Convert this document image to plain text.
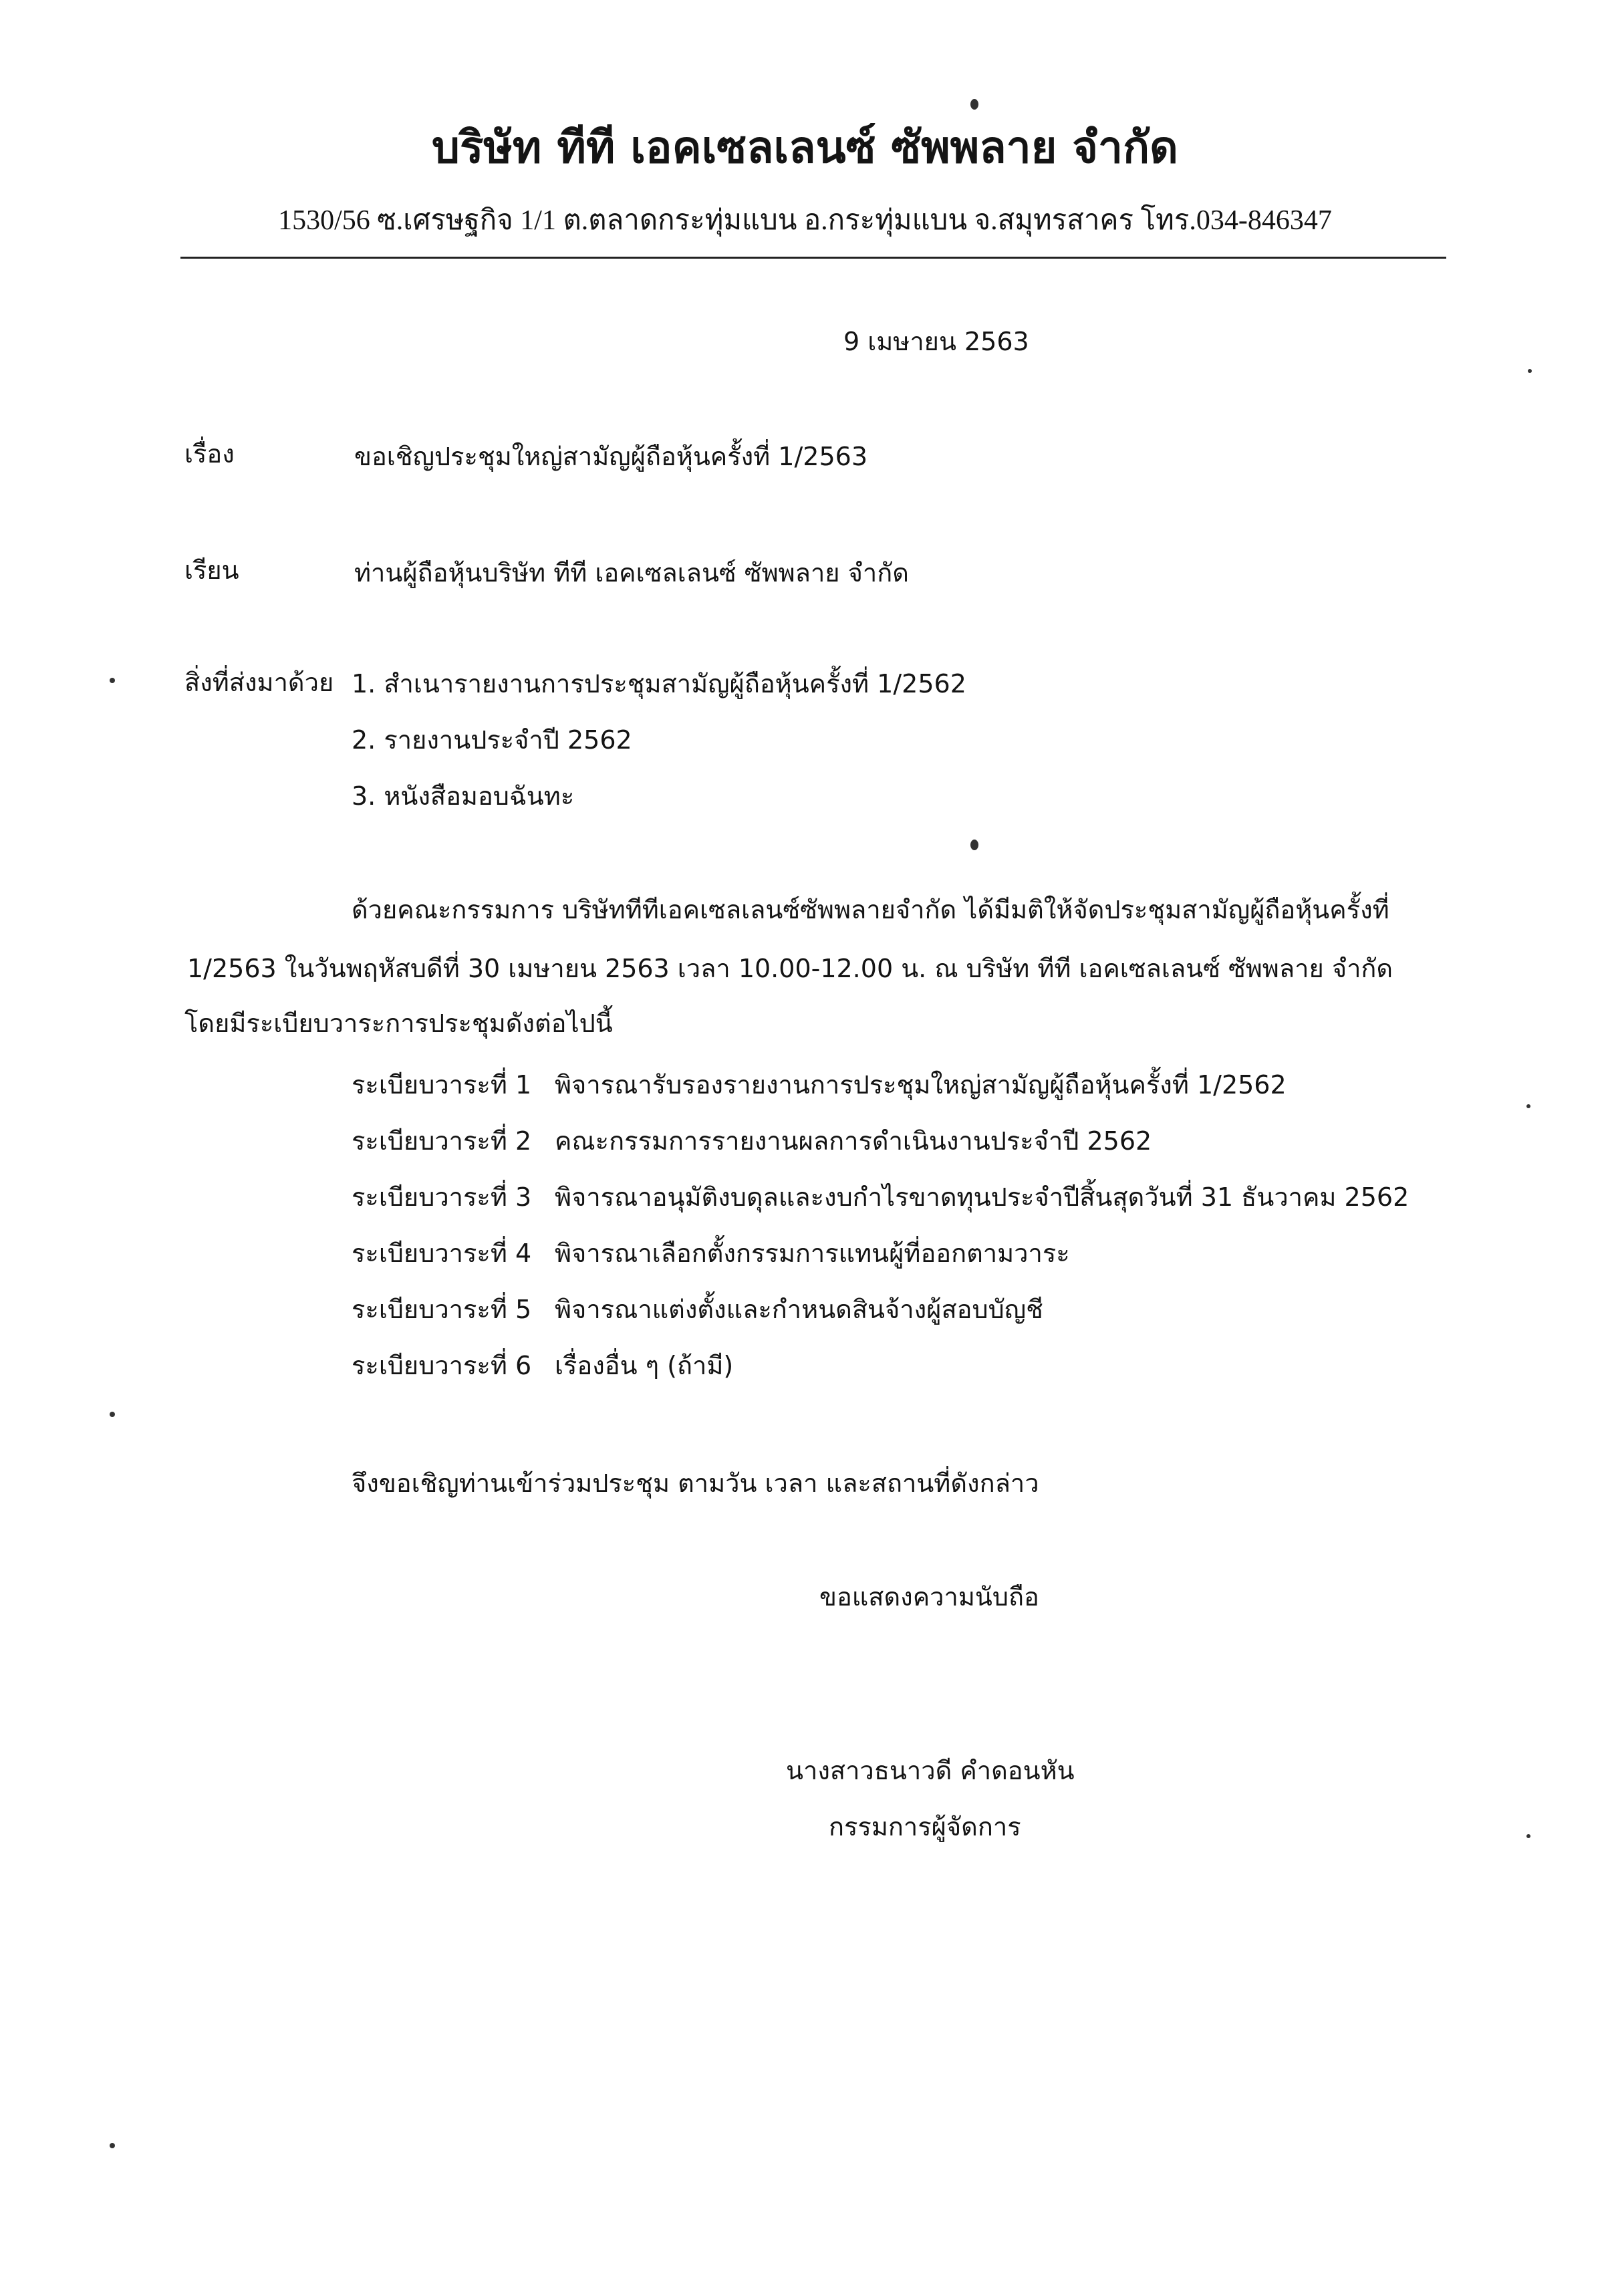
บริษัท ทีที เอคเซลเลนซ์ ซัพพลาย จำกัด
1530/56 ซ.เศรษฐกิจ 1/1 ต.ตลาดกระทุ่มแบน อ.กระทุ่มแบน จ.สมุทรสาคร โทร.034-846347
9 เมษายน 2563
เรื่อง	ขอเชิญประชุมใหญ่สามัญผู้ถือหุ้นครั้งที่ 1/2563
เรียน	ท่านผู้ถือหุ้นบริษัท ทีที เอคเซลเลนซ์ ซัพพลาย จำกัด
สิ่งที่ส่งมาด้วย 1. สำเนารายงานการประชุมสามัญผู้ถือหุ้นครั้งที่ 1/2562
2. รายงานประจำปี 2562
3. หนังสือมอบฉันทะ
ด้วยคณะกรรมการ บริษัททีทีเอคเซลเลนซ์ซัพพลายจำกัด ได้มีมติให้จัดประชุมสามัญผู้ถือหุ้นครั้งที่
1/2563 ในวันพฤหัสบดีที่ 30 เมษายน 2563 เวลา 10.00-12.00 น. ณ บริษัท ทีที เอคเซลเลนซ์ ซัพพลาย จำกัด
โดยมีระเบียบวาระการประชุมดังต่อไปนี้
ระเบียบวาระที่ 1 พิจารณารับรองรายงานการประชุมใหญ่สามัญผู้ถือหุ้นครั้งที่ 1/2562
ระเบียบวาระที่ 2 คณะกรรมการรายงานผลการดำเนินงานประจำปี 2562
ระเบียบวาระที่ 3 พิจารณาอนุมัติงบดุลและงบกำไรขาดทุนประจำปีสิ้นสุดวันที่ 31 ธันวาคม 2562
ระเบียบวาระที่ 4 พิจารณาเลือกตั้งกรรมการแทนผู้ที่ออกตามวาระ
ระเบียบวาระที่ 5 พิจารณาแต่งตั้งและกำหนดสินจ้างผู้สอบบัญชี
ระเบียบวาระที่ 6 เรื่องอื่น ๆ (ถ้ามี)
จึงขอเชิญท่านเข้าร่วมประชุม ตามวัน เวลา และสถานที่ดังกล่าว
ขอแสดงความนับถือ
นางสาวธนาวดี คำดอนหัน
กรรมการผู้จัดการ
